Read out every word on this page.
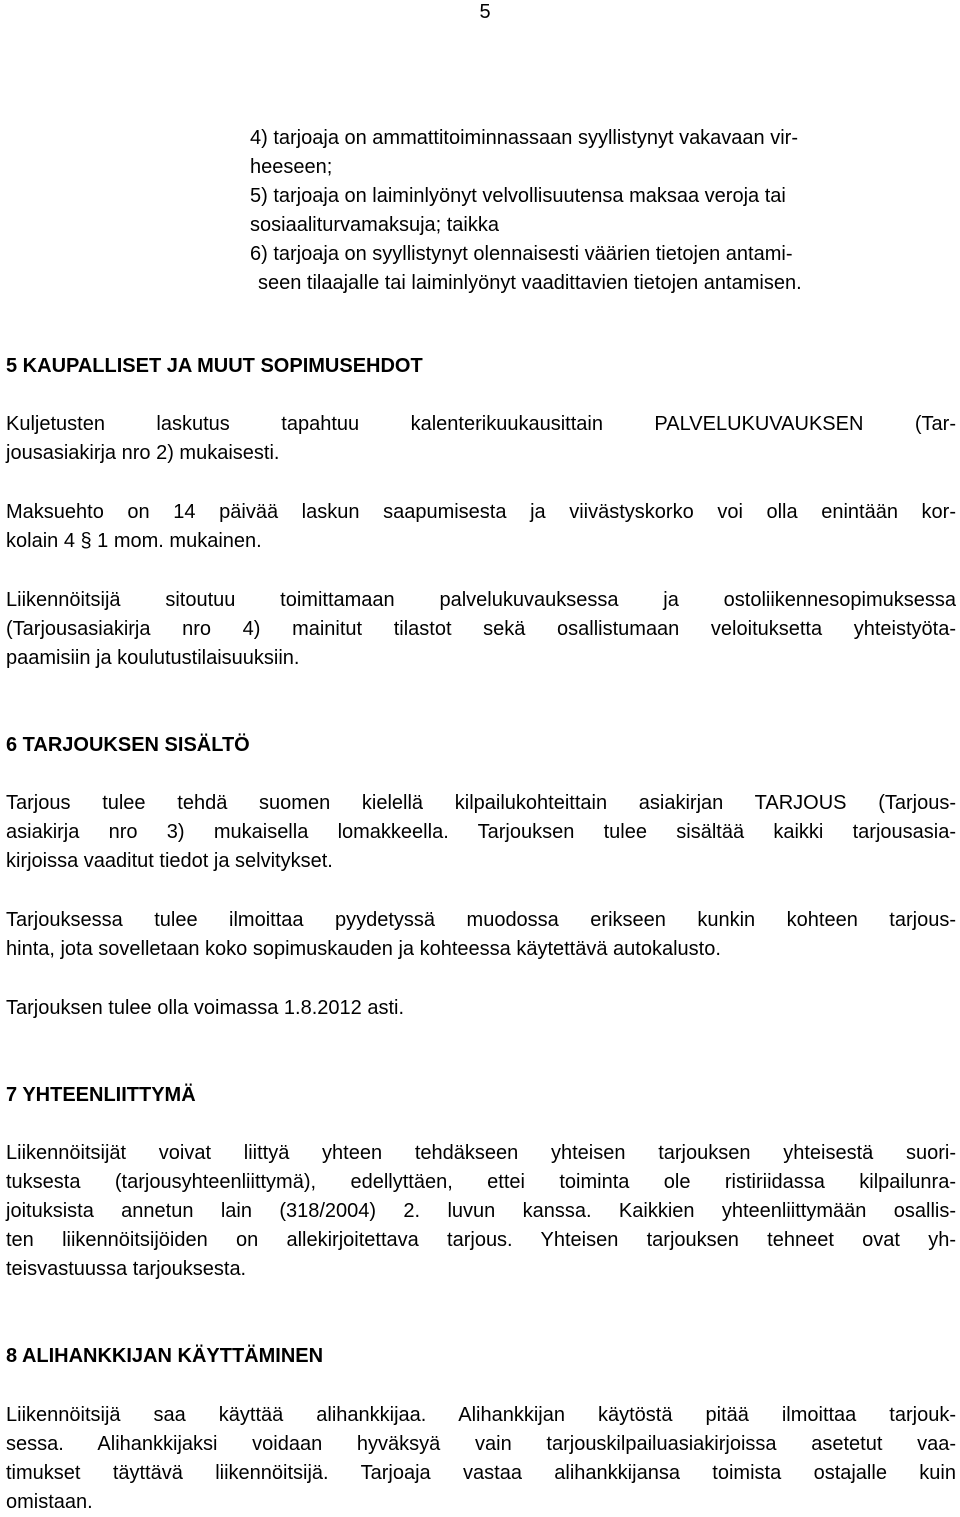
5
4) tarjoaja on ammattitoiminnassaan syyllistynyt vakavaan vir-
heeseen;
5) tarjoaja on laiminlyönyt velvollisuutensa maksaa veroja tai
sosiaaliturvamaksuja; taikka
6) tarjoaja on syyllistynyt olennaisesti väärien tietojen antami-
seen tilaajalle tai laiminlyönyt vaadittavien tietojen antamisen.
5 KAUPALLISET JA MUUT SOPIMUSEHDOT

Kuljetusten laskutus tapahtuu kalenterikuukausittain PALVELUKUVAUKSEN (Tar-
jousasiakirja nro 2) mukaisesti.

Maksuehto on 14 päivää laskun saapumisesta ja viivästyskorko voi olla enintään kor-
kolain 4 § 1 mom. mukainen.

Liikennöitsijä sitoutuu toimittamaan palvelukuvauksessa ja ostoliikennesopimuksessa
(Tarjousasiakirja nro 4) mainitut tilastot sekä osallistumaan veloituksetta yhteistyöta-
paamisiin ja koulutustilaisuuksiin.

6 TARJOUKSEN SISÄLTÖ

Tarjous tulee tehdä suomen kielellä kilpailukohteittain asiakirjan TARJOUS (Tarjous-
asiakirja nro 3) mukaisella lomakkeella. Tarjouksen tulee sisältää kaikki tarjousasia-
kirjoissa vaaditut tiedot ja selvitykset.

Tarjouksessa tulee ilmoittaa pyydetyssä muodossa erikseen kunkin kohteen tarjous-
hinta, jota sovelletaan koko sopimuskauden ja kohteessa käytettävä autokalusto.

Tarjouksen tulee olla voimassa 1.8.2012 asti.

7 YHTEENLIITTYMÄ

Liikennöitsijät voivat liittyä yhteen tehdäkseen yhteisen tarjouksen yhteisestä suori-
tuksesta (tarjousyhteenliittymä), edellyttäen, ettei toiminta ole ristiriidassa kilpailunra-
joituksista annetun lain (318/2004) 2. luvun kanssa. Kaikkien yhteenliittymään osallis-
ten liikennöitsijöiden on allekirjoitettava tarjous. Yhteisen tarjouksen tehneet ovat yh-
teisvastuussa tarjouksesta.

8 ALIHANKKIJAN KÄYTTÄMINEN

Liikennöitsijä saa käyttää alihankkijaa. Alihankkijan käytöstä pitää ilmoittaa tarjouk-
sessa. Alihankkijaksi voidaan hyväksyä vain tarjouskilpailuasiakirjoissa asetetut vaa-
timukset täyttävä liikennöitsijä. Tarjoaja vastaa alihankkijansa toimista ostajalle kuin
omistaan.
